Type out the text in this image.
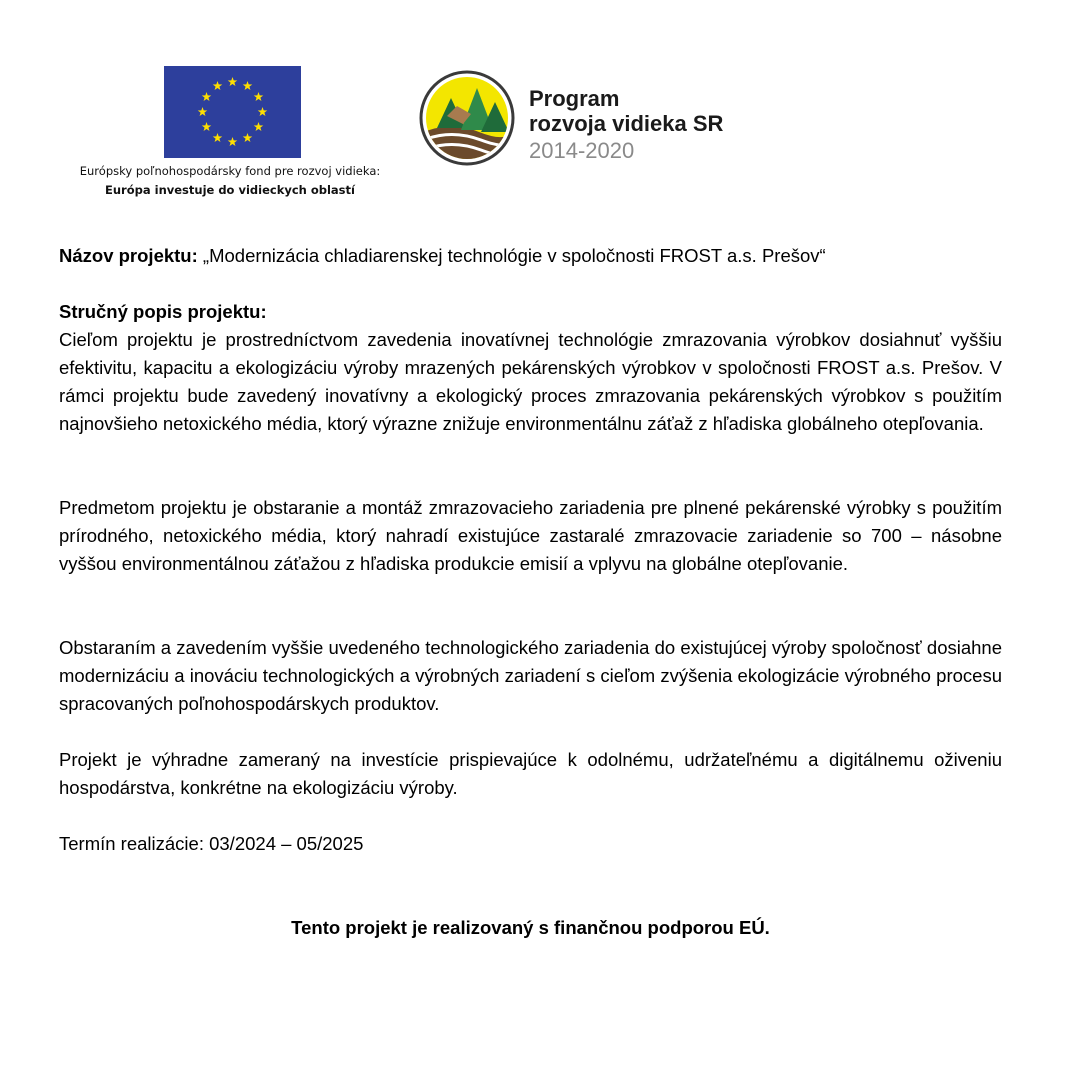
Európsky poľnohospodársky fond pre rozvoj vidieka:
Európa investuje do vidieckych oblastí
Program
rozvoja vidieka SR
2014-2020
Názov projektu: „Modernizácia chladiarenskej technológie v spoločnosti FROST a.s. Prešov“
Stručný popis projektu:
Cieľom projektu je prostredníctvom zavedenia inovatívnej technológie zmrazovania výrobkov dosiahnuť vyššiu efektivitu, kapacitu a ekologizáciu výroby mrazených pekárenských výrobkov v spoločnosti FROST a.s. Prešov. V rámci projektu bude zavedený inovatívny a ekologický proces zmrazovania pekárenských výrobkov s použitím najnovšieho netoxického média, ktorý výrazne znižuje environmentálnu záťaž z hľadiska globálneho otepľovania.
Predmetom projektu je obstaranie a montáž zmrazovacieho zariadenia pre plnené pekárenské výrobky s použitím prírodného, netoxického média, ktorý nahradí existujúce zastaralé zmrazovacie zariadenie so 700 – násobne vyššou environmentálnou záťažou z hľadiska produkcie emisií a vplyvu na globálne otepľovanie.
Obstaraním a zavedením vyššie uvedeného technologického zariadenia do existujúcej výroby spoločnosť dosiahne modernizáciu a inováciu technologických a výrobných zariadení s cieľom zvýšenia ekologizácie výrobného procesu spracovaných poľnohospodárskych produktov.
Projekt je výhradne zameraný na investície prispievajúce k odolnému, udržateľnému a digitálnemu oživeniu hospodárstva, konkrétne na ekologizáciu výroby.
Termín realizácie: 03/2024 – 05/2025
Tento projekt je realizovaný s finančnou podporou EÚ.
